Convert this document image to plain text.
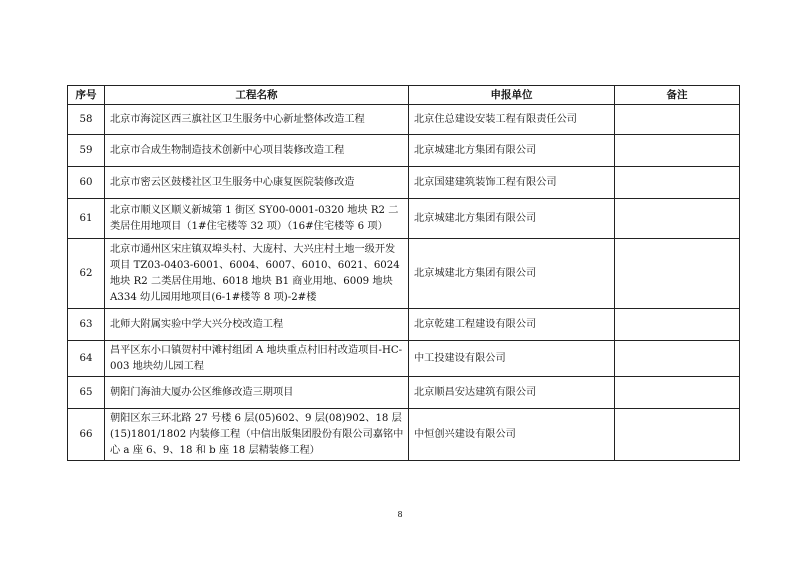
序号	工程名称	申报单位	备注
58	北京市海淀区西三旗社区卫生服务中心新址整体改造工程	北京住总建设安装工程有限责任公司	
59	北京市合成生物制造技术创新中心项目装修改造工程	北京城建北方集团有限公司	
60	北京市密云区鼓楼社区卫生服务中心康复医院装修改造	北京国建建筑装饰工程有限公司	
61	北京市顺义区顺义新城第 1 街区 SY00-0001-0320 地块 R2 二类居住用地项目（1#住宅楼等 32 项）（16#住宅楼等 6 项）	北京城建北方集团有限公司	
62	北京市通州区宋庄镇双埠头村、大庞村、大兴庄村土地一级开发项目 TZ03-0403-6001、6004、6007、6010、6021、6024 地块 R2 二类居住用地、6018 地块 B1 商业用地、6009 地块 A334 幼儿园用地项目(6-1#楼等 8 项)-2#楼	北京城建北方集团有限公司	
63	北师大附属实验中学大兴分校改造工程	北京乾建工程建设有限公司	
64	昌平区东小口镇贺村中滩村组团 A 地块重点村旧村改造项目-HC-003 地块幼儿园工程	中工投建设有限公司	
65	朝阳门海油大厦办公区维修改造三期项目	北京顺昌安达建筑有限公司	
66	朝阳区东三环北路 27 号楼 6 层(05)602、9 层(08)902、18 层(15)1801/1802 内装修工程（中信出版集团股份有限公司嘉铭中心 a 座 6、9、18 和 b 座 18 层精装修工程）	中恒创兴建设有限公司	
8
